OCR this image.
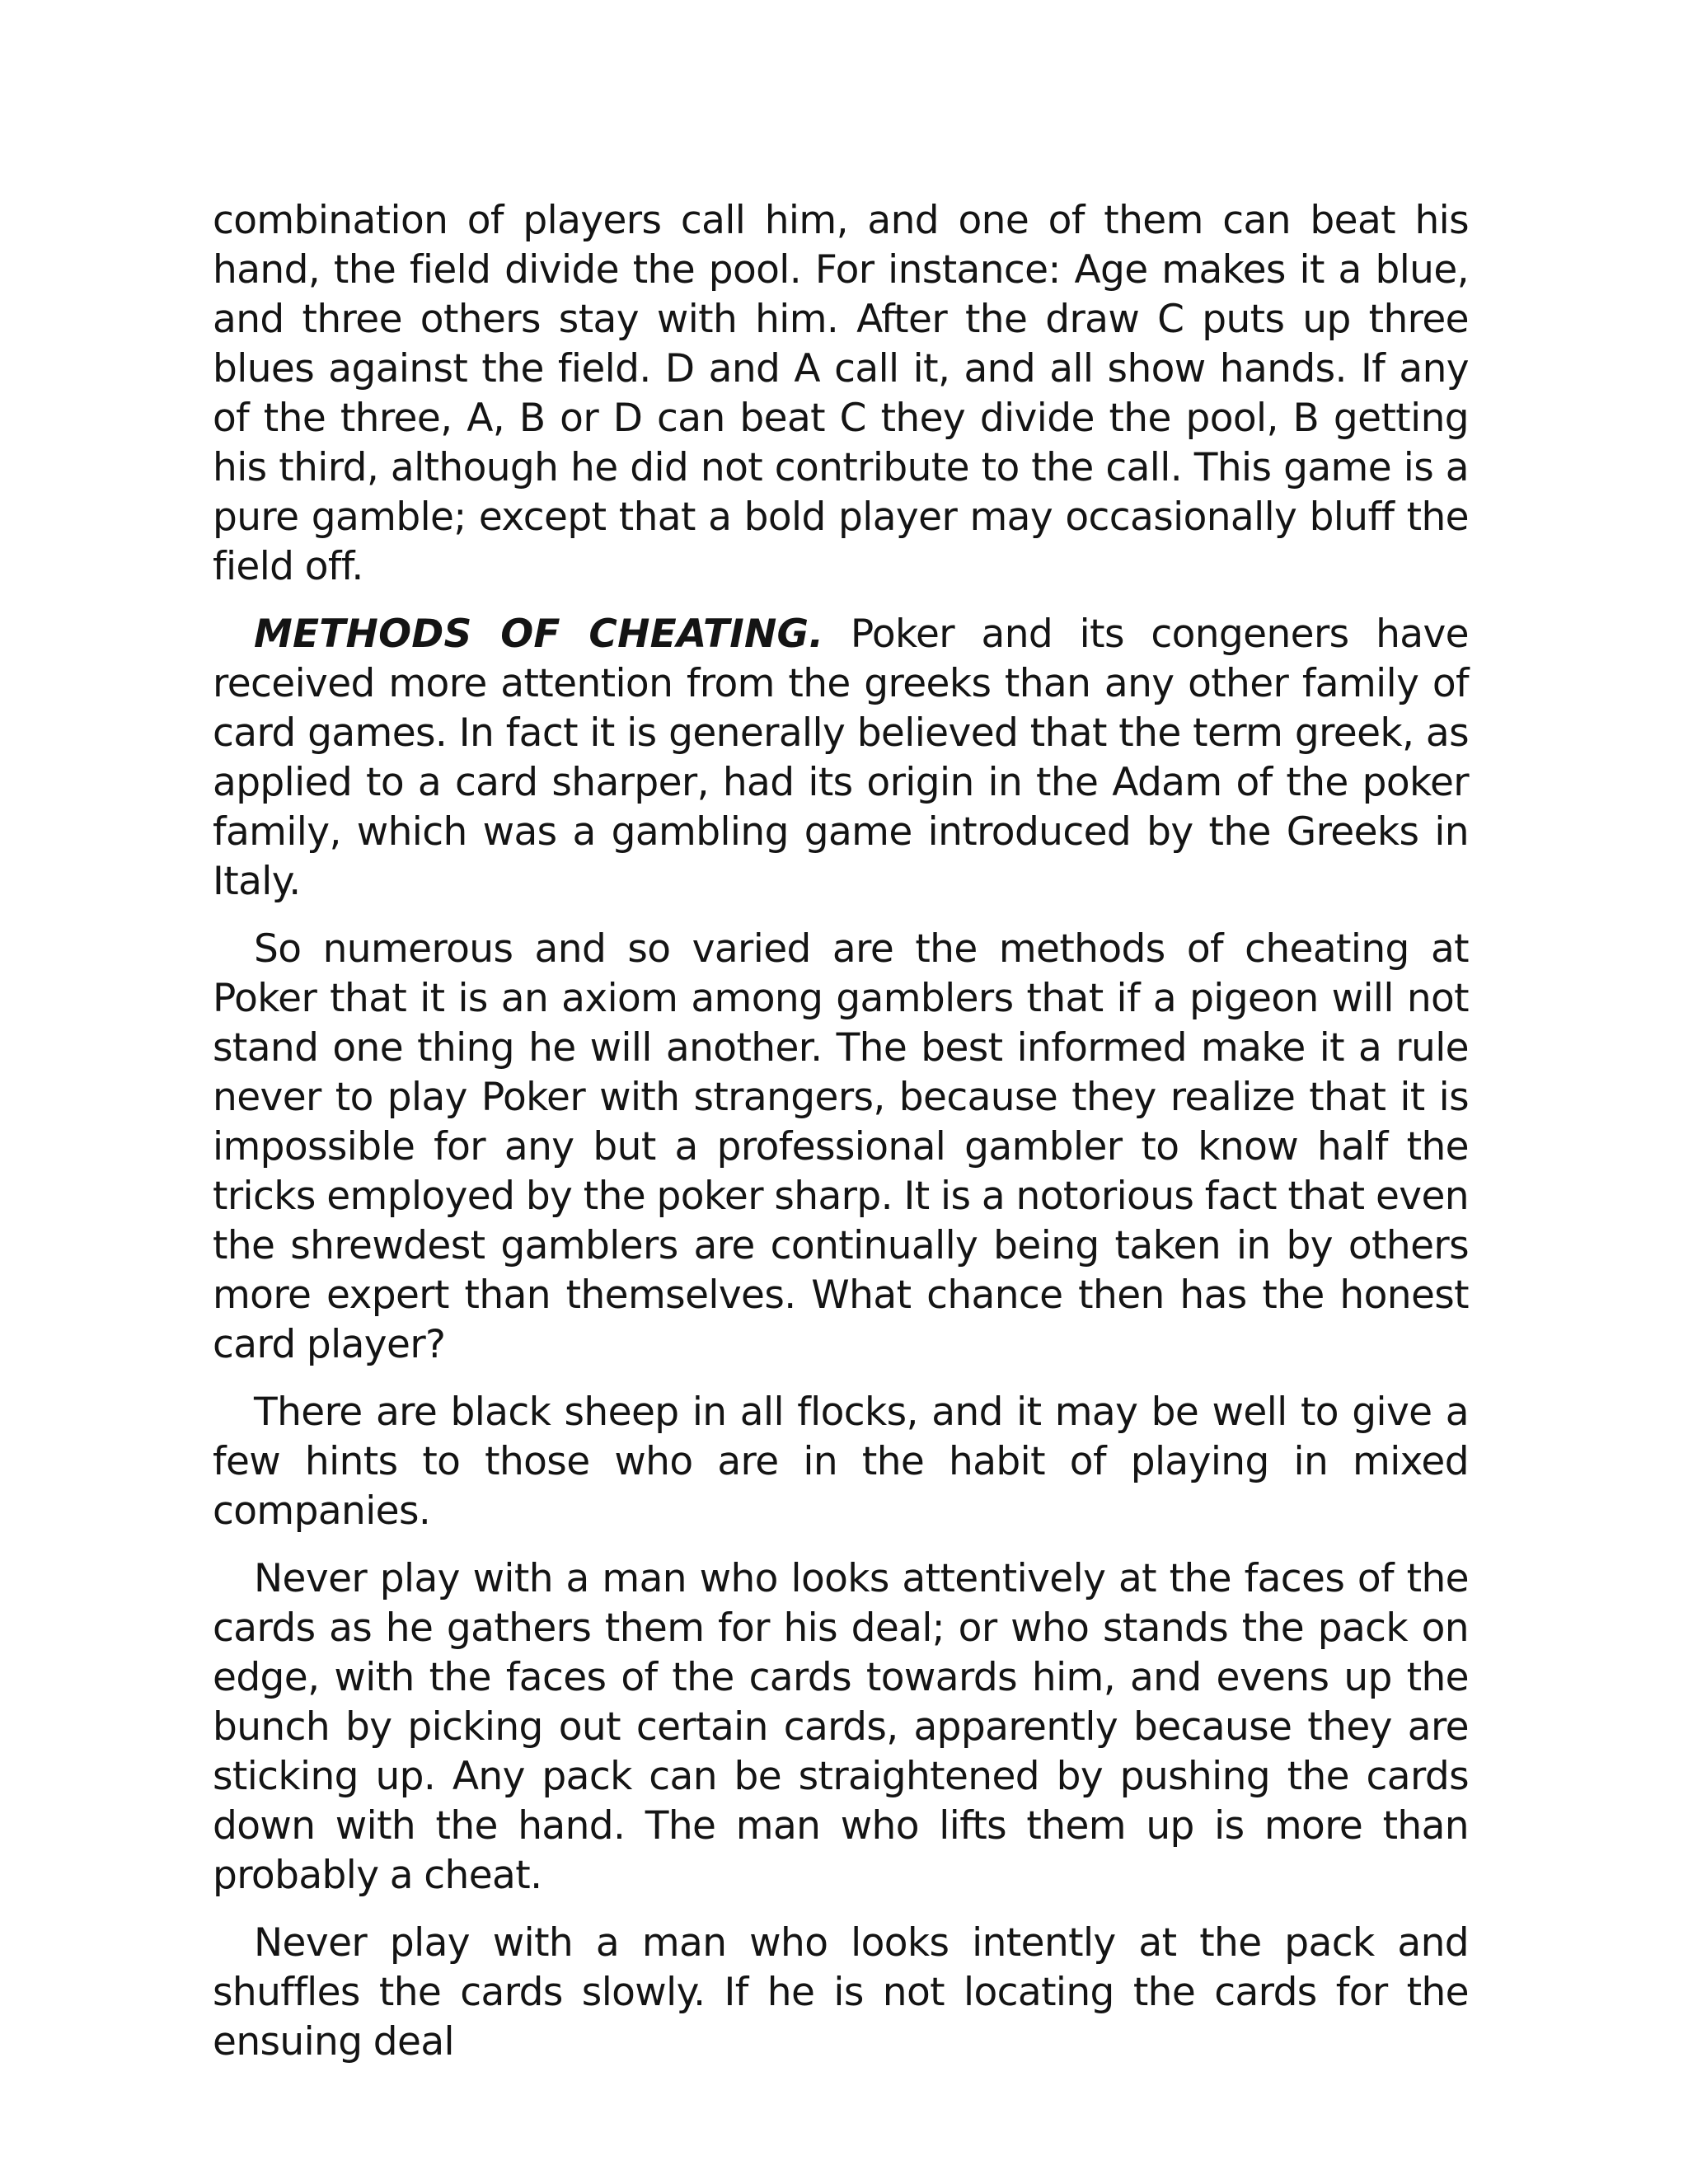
combination of players call him, and one of them can beat his hand, the field divide the pool. For instance: Age makes it a blue, and three others stay with him. After the draw C puts up three blues against the field. D and A call it, and all show hands. If any of the three, A, B or D can beat C they divide the pool, B getting his third, although he did not contribute to the call. This game is a pure gamble; except that a bold player may occasionally bluff the field off.

METHODS OF CHEATING. Poker and its congeners have received more attention from the greeks than any other family of card games. In fact it is generally believed that the term greek, as applied to a card sharper, had its origin in the Adam of the poker family, which was a gambling game introduced by the Greeks in Italy.

So numerous and so varied are the methods of cheating at Poker that it is an axiom among gamblers that if a pigeon will not stand one thing he will another. The best informed make it a rule never to play Poker with strangers, because they realize that it is impossible for any but a professional gambler to know half the tricks employed by the poker sharp. It is a notorious fact that even the shrewdest gamblers are continually being taken in by others more expert than themselves. What chance then has the honest card player?

There are black sheep in all flocks, and it may be well to give a few hints to those who are in the habit of playing in mixed companies.

Never play with a man who looks attentively at the faces of the cards as he gathers them for his deal; or who stands the pack on edge, with the faces of the cards towards him, and evens up the bunch by picking out certain cards, apparently because they are sticking up. Any pack can be straightened by pushing the cards down with the hand. The man who lifts them up is more than probably a cheat.

Never play with a man who looks intently at the pack and shuffles the cards slowly. If he is not locating the cards for the ensuing deal
